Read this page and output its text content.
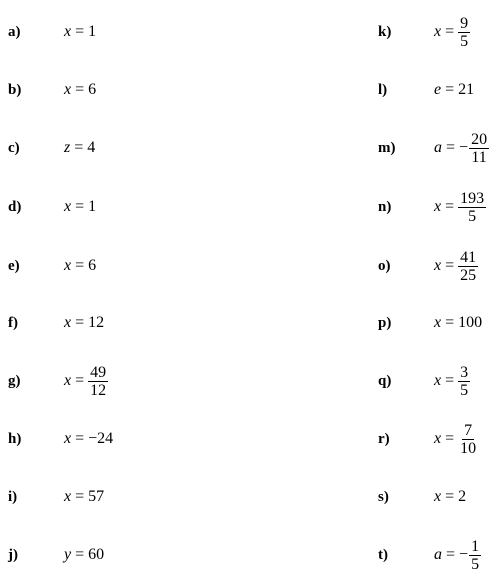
a)	x = 1
b)	x = 6
c)	z = 4
d)	x = 1
e)	x = 6
f)	x = 12
g)	$x = \frac{49}{12}$
h)	x = −24
i)	x = 57
j)	y = 60
k)	$x = \frac{9}{5}$
l)	e = 21
m) a = − $\frac{20}{11}$
n)	$x = \frac{193}{5}$
o)	$x = \frac{41}{25}$
p)	x = 100
q)	$x = \frac{3}{5}$
r)	$x = \frac{7}{10}$
s)	x = 2
t)	a = − $\frac{1}{5}$
